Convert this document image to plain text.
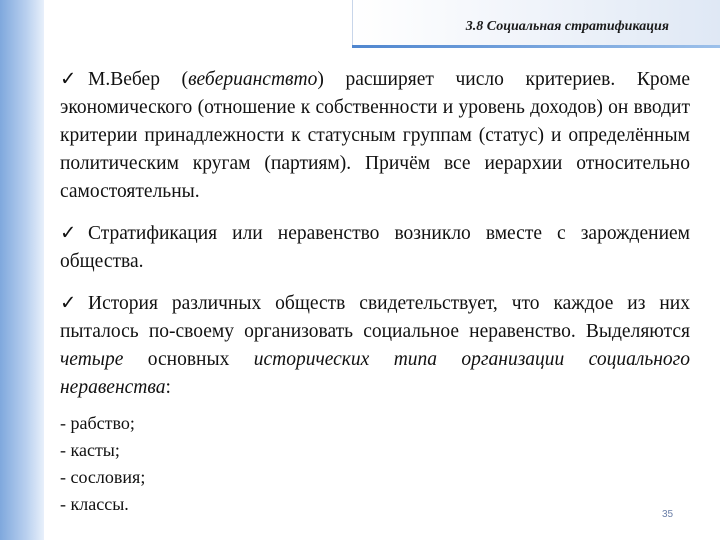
3.8 Социальная стратификация

✓ М.Вебер (веберианствто) расширяет число критериев. Кроме экономического (отношение к собственности и уровень доходов) он вводит критерии принадлежности к статусным группам (статус) и определённым политическим кругам (партиям). Причём все иерархии относительно самостоятельны.

✓ Стратификация или неравенство возникло вместе с зарождением общества.

✓ История различных обществ свидетельствует, что каждое из них пыталось по-своему организовать социальное неравенство. Выделяются четыре основных исторических типа организации социального неравенства:

- рабство;
- касты;
- сословия;
- классы.
35
